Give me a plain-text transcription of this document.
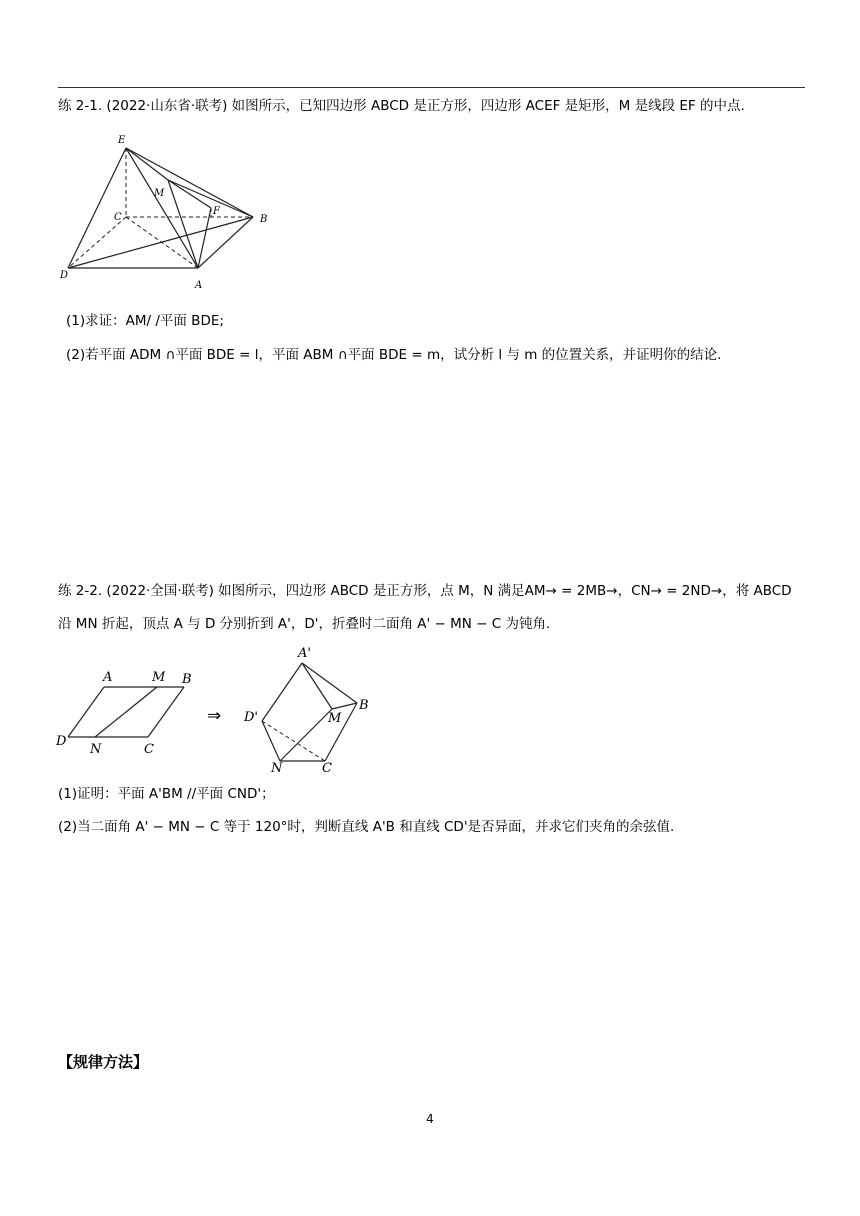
练 2-1. (2022·山东省·联考) 如图所示，已知四边形 ABCD 是正方形，四边形 ACEF 是矩形，M 是线段 EF 的中点.
E
M
C
F
B
D
A
(1)求证：AM/ /平面 BDE;
(2)若平面 ADM ∩平面 BDE = l，平面 ABM ∩平面 BDE = m，试分析 l 与 m 的位置关系，并证明你的结论.
练 2-2. (2022·全国·联考) 如图所示，四边形 ABCD 是正方形，点 M，N 满足AM→ = 2MB→，CN→ = 2ND→，将 ABCD
沿 MN 折起，顶点 A 与 D 分别折到 A'，D'，折叠时二面角 A' − MN − C 为钝角.
A	M B
D
N	C
⇒
A'
D'	M
B
N	C
(1)证明：平面 A'BM //平面 CND'；
(2)当二面角 A' − MN − C 等于 120°时，判断直线 A'B 和直线 CD'是否异面，并求它们夹角的余弦值.
【规律方法】
4
